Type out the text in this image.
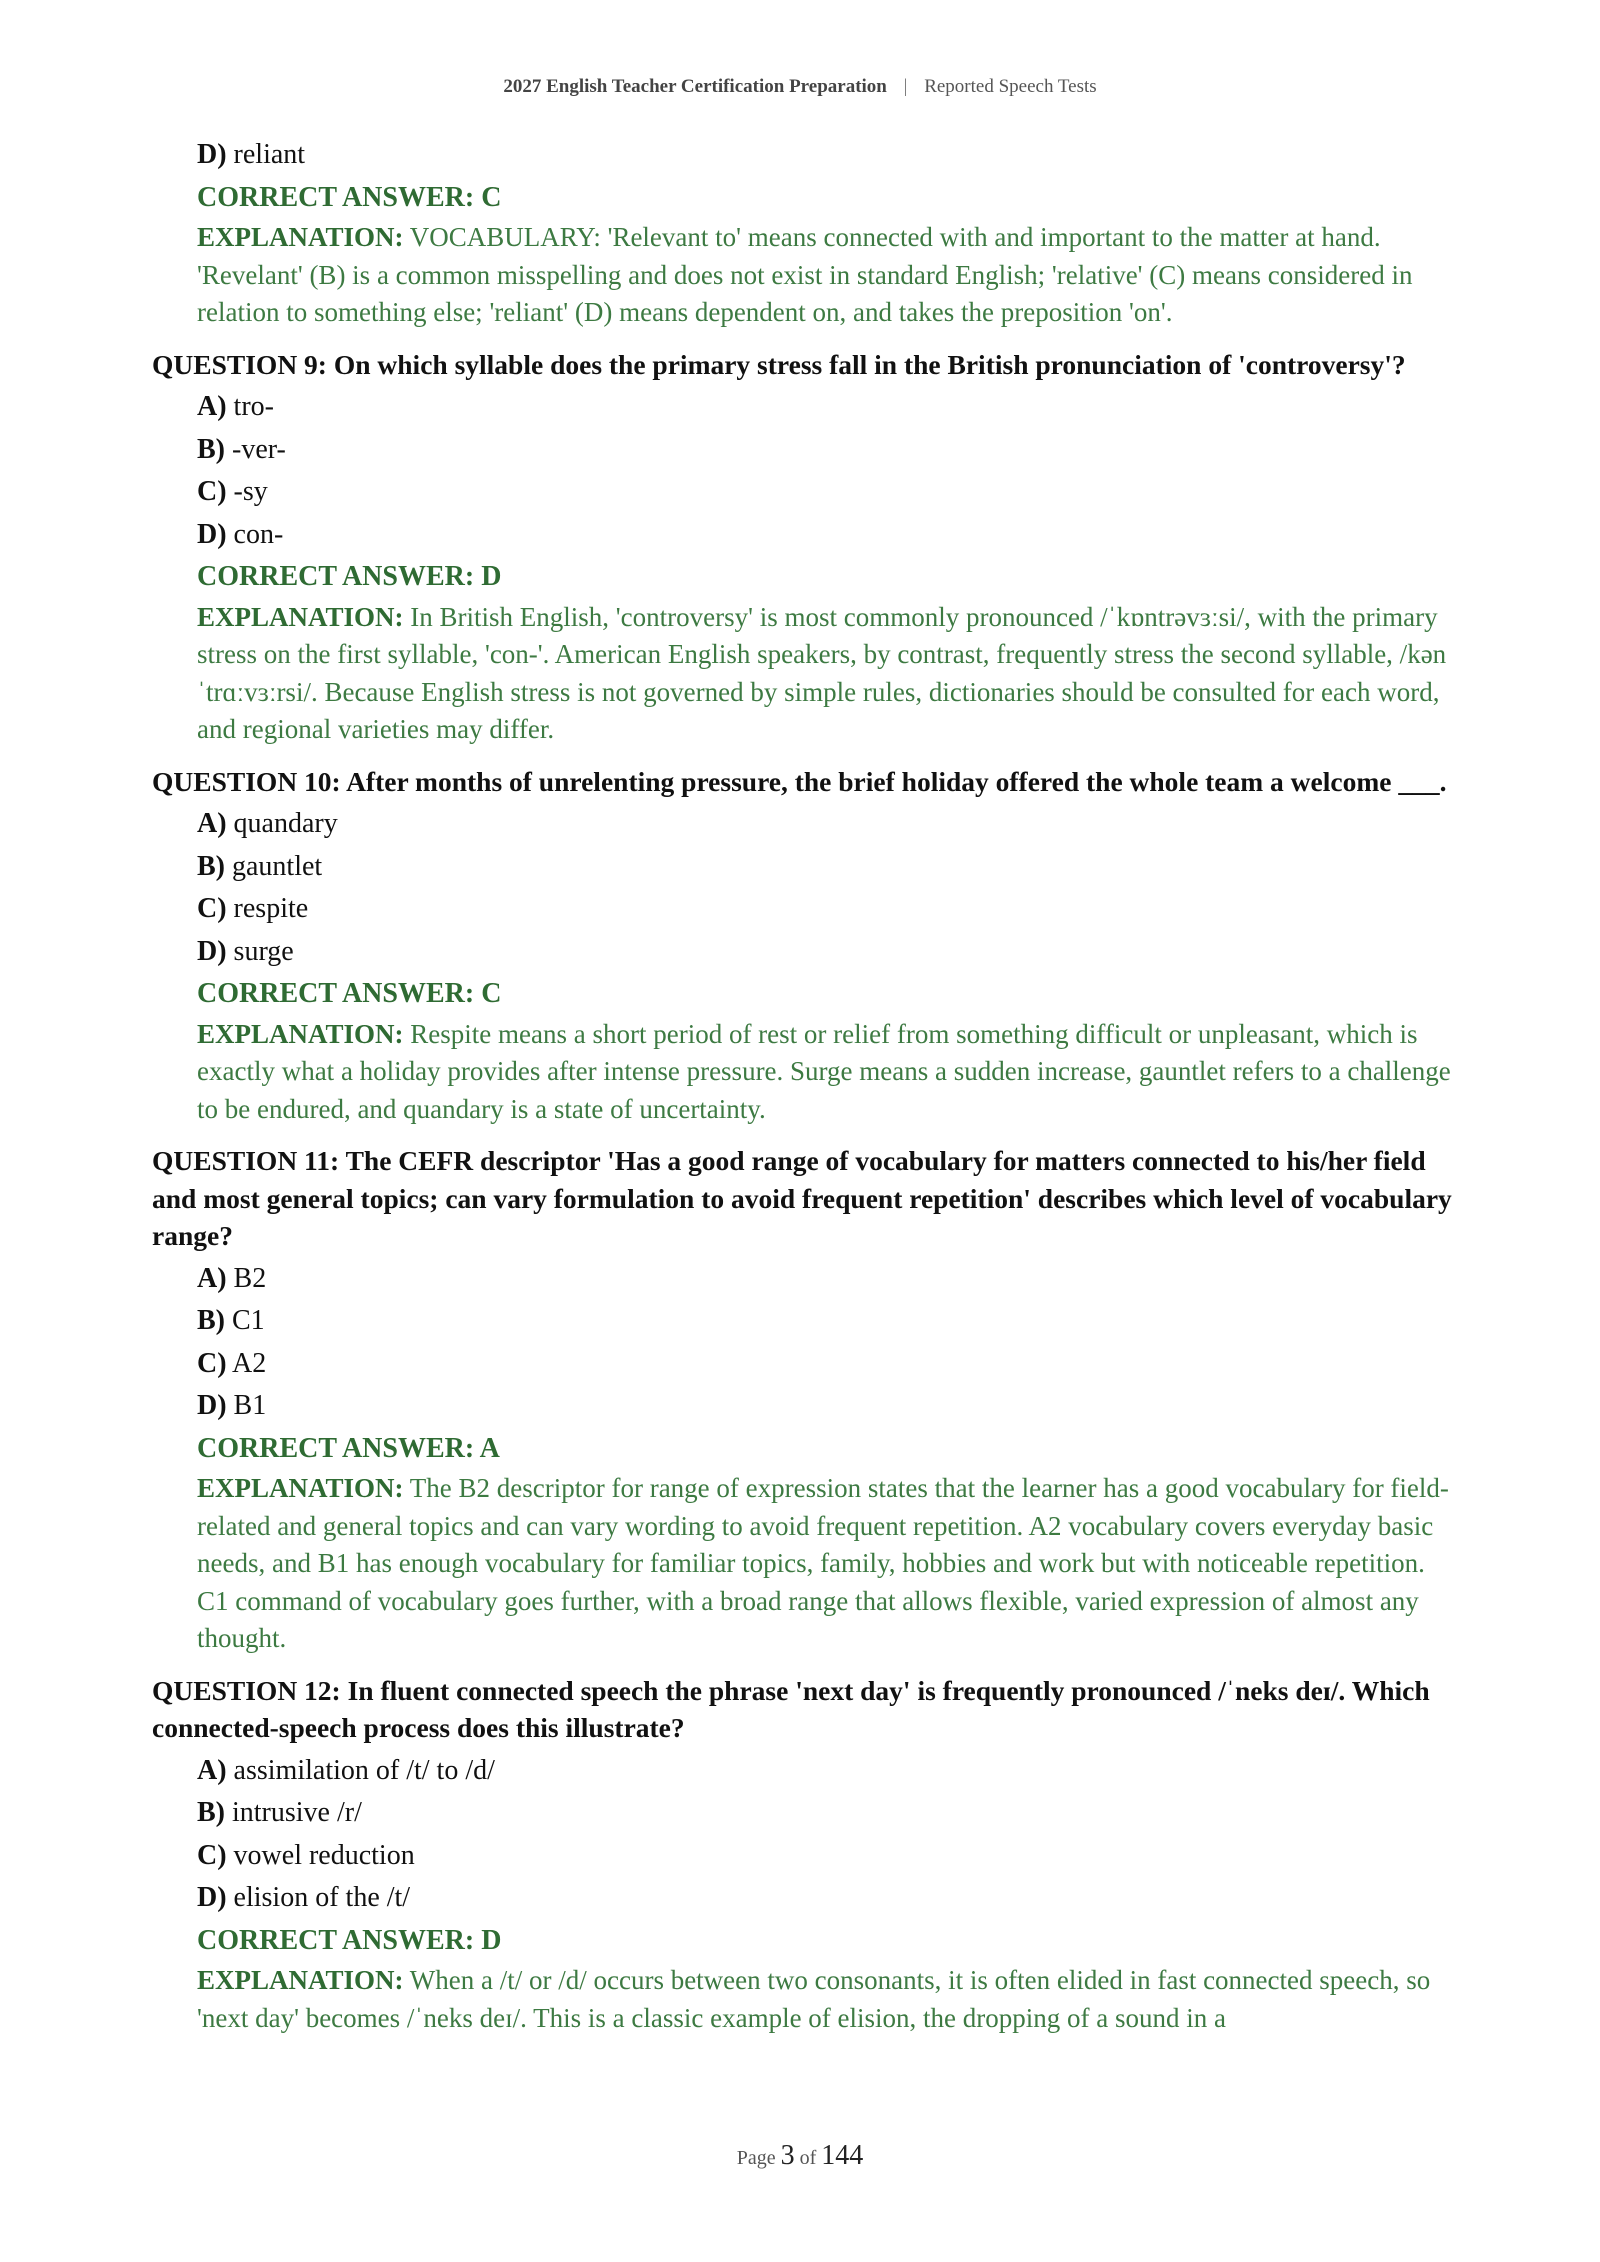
2027 English Teacher Certification Preparation | Reported Speech Tests
D) reliant
CORRECT ANSWER: C
EXPLANATION: VOCABULARY: 'Relevant to' means connected with and important to the matter at hand. 'Revelant' (B) is a common misspelling and does not exist in standard English; 'relative' (C) means considered in relation to something else; 'reliant' (D) means dependent on, and takes the preposition 'on'.
QUESTION 9: On which syllable does the primary stress fall in the British pronunciation of 'controversy'?
A) tro-
B) -ver-
C) -sy
D) con-
CORRECT ANSWER: D
EXPLANATION: In British English, 'controversy' is most commonly pronounced /ˈkɒntrəvɜːsi/, with the primary stress on the first syllable, 'con-'. American English speakers, by contrast, frequently stress the second syllable, /kənˈtrɑːvɜːrsi/. Because English stress is not governed by simple rules, dictionaries should be consulted for each word, and regional varieties may differ.
QUESTION 10: After months of unrelenting pressure, the brief holiday offered the whole team a welcome ___.
A) quandary
B) gauntlet
C) respite
D) surge
CORRECT ANSWER: C
EXPLANATION: Respite means a short period of rest or relief from something difficult or unpleasant, which is exactly what a holiday provides after intense pressure. Surge means a sudden increase, gauntlet refers to a challenge to be endured, and quandary is a state of uncertainty.
QUESTION 11: The CEFR descriptor 'Has a good range of vocabulary for matters connected to his/her field and most general topics; can vary formulation to avoid frequent repetition' describes which level of vocabulary range?
A) B2
B) C1
C) A2
D) B1
CORRECT ANSWER: A
EXPLANATION: The B2 descriptor for range of expression states that the learner has a good vocabulary for field-related and general topics and can vary wording to avoid frequent repetition. A2 vocabulary covers everyday basic needs, and B1 has enough vocabulary for familiar topics, family, hobbies and work but with noticeable repetition. C1 command of vocabulary goes further, with a broad range that allows flexible, varied expression of almost any thought.
QUESTION 12: In fluent connected speech the phrase 'next day' is frequently pronounced /ˈneks deɪ/. Which connected-speech process does this illustrate?
A) assimilation of /t/ to /d/
B) intrusive /r/
C) vowel reduction
D) elision of the /t/
CORRECT ANSWER: D
EXPLANATION: When a /t/ or /d/ occurs between two consonants, it is often elided in fast connected speech, so 'next day' becomes /ˈneks deɪ/. This is a classic example of elision, the dropping of a sound in a
Page 3 of 144
